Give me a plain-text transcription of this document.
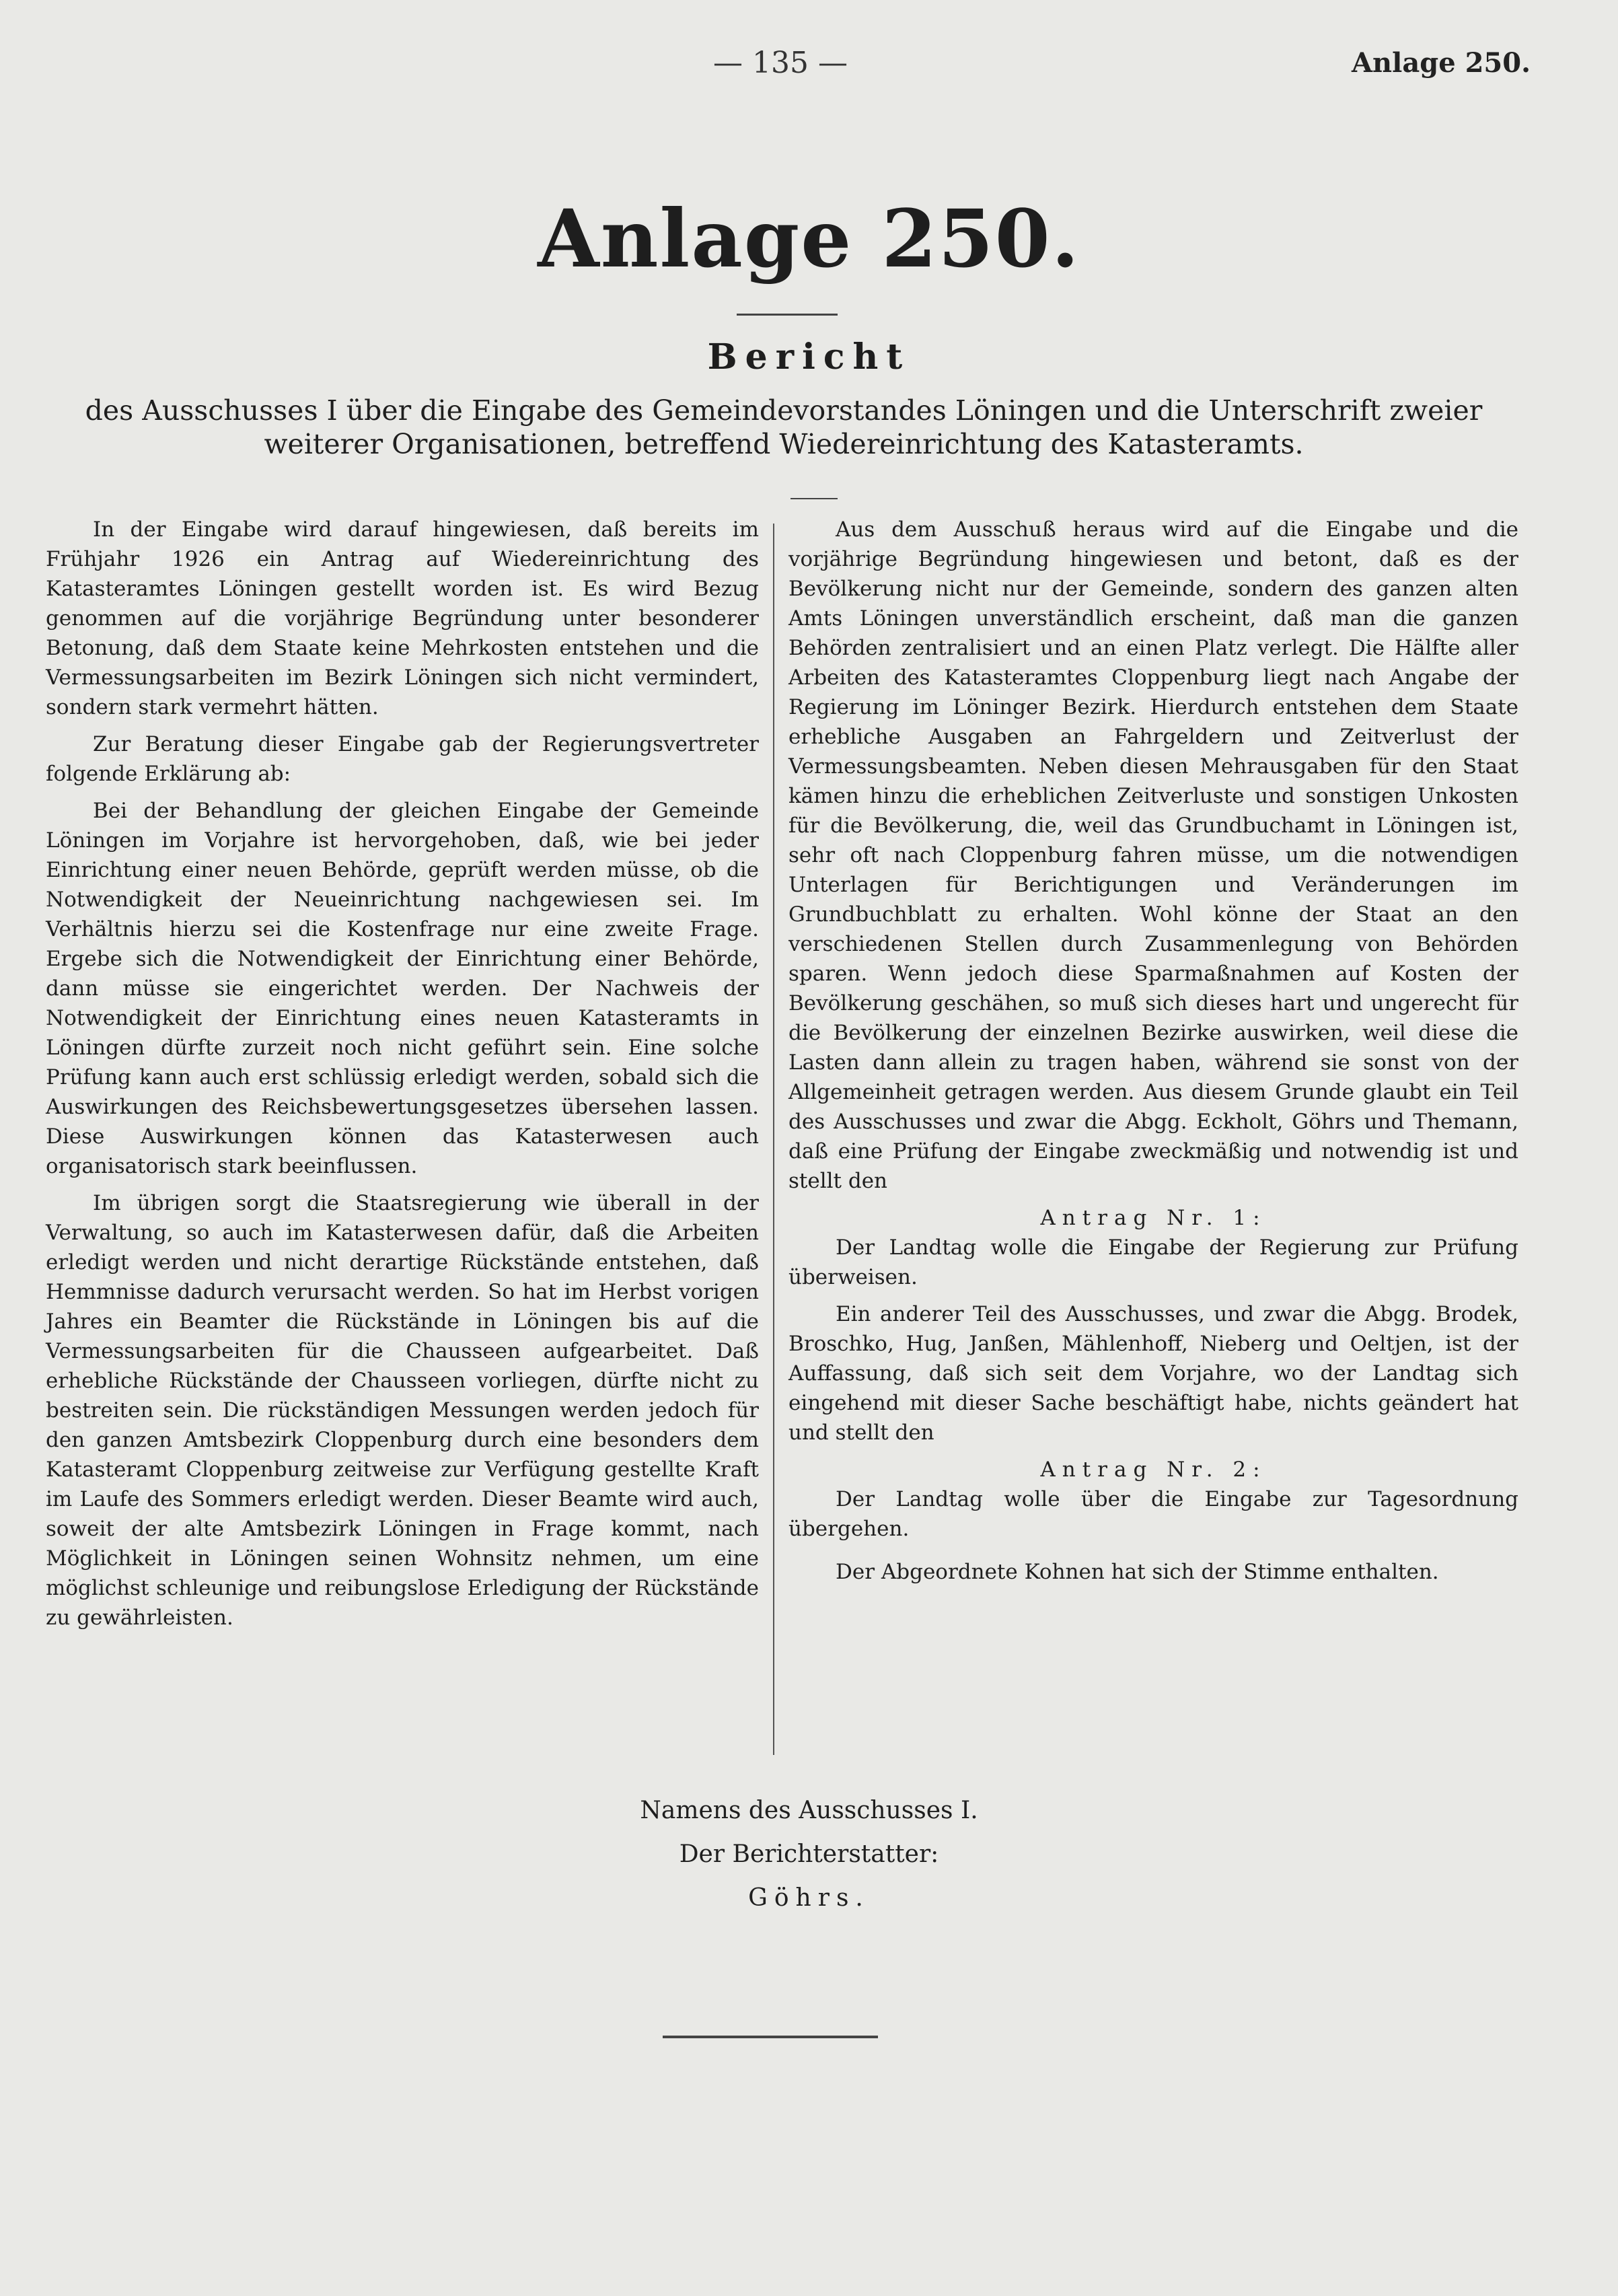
— 135 —	Anlage 250.
Anlage 250.
Bericht
des Ausschusses I über die Eingabe des Gemeindevorstandes Löningen und die Unterschrift zweier weiterer Organisationen, betreffend Wiedereinrichtung des Katasteramts.

In der Eingabe wird darauf hingewiesen, daß bereits im Frühjahr 1926 ein Antrag auf Wiedereinrichtung des Katasteramtes Löningen gestellt worden ist. Es wird Bezug genommen auf die vorjährige Begründung unter besonderer Betonung, daß dem Staate keine Mehrkosten entstehen und die Vermessungsarbeiten im Bezirk Löningen sich nicht vermindert, sondern stark vermehrt hätten.

Zur Beratung dieser Eingabe gab der Regierungsvertreter folgende Erklärung ab:

Bei der Behandlung der gleichen Eingabe der Gemeinde Löningen im Vorjahre ist hervorgehoben, daß, wie bei jeder Einrichtung einer neuen Behörde, geprüft werden müsse, ob die Notwendigkeit der Neueinrichtung nachgewiesen sei. Im Verhältnis hierzu sei die Kostenfrage nur eine zweite Frage. Ergebe sich die Notwendigkeit der Einrichtung einer Behörde, dann müsse sie eingerichtet werden. Der Nachweis der Notwendigkeit der Einrichtung eines neuen Katasteramts in Löningen dürfte zurzeit noch nicht geführt sein. Eine solche Prüfung kann auch erst schlüssig erledigt werden, sobald sich die Auswirkungen des Reichsbewertungsgesetzes übersehen lassen. Diese Auswirkungen können das Katasterwesen auch organisatorisch stark beeinflussen.

Im übrigen sorgt die Staatsregierung wie überall in der Verwaltung, so auch im Katasterwesen dafür, daß die Arbeiten erledigt werden und nicht derartige Rückstände entstehen, daß Hemmnisse dadurch verursacht werden. So hat im Herbst vorigen Jahres ein Beamter die Rückstände in Löningen bis auf die Vermessungsarbeiten für die Chausseen aufgearbeitet. Daß erhebliche Rückstände der Chausseen vorliegen, dürfte nicht zu bestreiten sein. Die rückständigen Messungen werden jedoch für den ganzen Amtsbezirk Cloppenburg durch eine besonders dem Katasteramt Cloppenburg zeitweise zur Verfügung gestellte Kraft im Laufe des Sommers erledigt werden. Dieser Beamte wird auch, soweit der alte Amtsbezirk Löningen in Frage kommt, nach Möglichkeit in Löningen seinen Wohnsitz nehmen, um eine möglichst schleunige und reibungslose Erledigung der Rückstände zu gewährleisten.

Aus dem Ausschuß heraus wird auf die Eingabe und die vorjährige Begründung hingewiesen und betont, daß es der Bevölkerung nicht nur der Gemeinde, sondern des ganzen alten Amts Löningen unverständlich erscheint, daß man die ganzen Behörden zentralisiert und an einen Platz verlegt. Die Hälfte aller Arbeiten des Katasteramtes Cloppenburg liegt nach Angabe der Regierung im Löninger Bezirk. Hierdurch entstehen dem Staate erhebliche Ausgaben an Fahrgeldern und Zeitverlust der Vermessungsbeamten. Neben diesen Mehrausgaben für den Staat kämen hinzu die erheblichen Zeitverluste und sonstigen Unkosten für die Bevölkerung, die, weil das Grundbuchamt in Löningen ist, sehr oft nach Cloppenburg fahren müsse, um die notwendigen Unterlagen für Berichtigungen und Veränderungen im Grundbuchblatt zu erhalten. Wohl könne der Staat an den verschiedenen Stellen durch Zusammenlegung von Behörden sparen. Wenn jedoch diese Sparmaßnahmen auf Kosten der Bevölkerung geschähen, so muß sich dieses hart und ungerecht für die Bevölkerung der einzelnen Bezirke auswirken, weil diese die Lasten dann allein zu tragen haben, während sie sonst von der Allgemeinheit getragen werden. Aus diesem Grunde glaubt ein Teil des Ausschusses und zwar die Abgg. Eckholt, Göhrs und Themann, daß eine Prüfung der Eingabe zweckmäßig und notwendig ist und stellt den

Antrag Nr. 1:

Der Landtag wolle die Eingabe der Regierung zur Prüfung überweisen.

Ein anderer Teil des Ausschusses, und zwar die Abgg. Brodek, Broschko, Hug, Janßen, Mählenhoff, Nieberg und Oeltjen, ist der Auffassung, daß sich seit dem Vorjahre, wo der Landtag sich eingehend mit dieser Sache beschäftigt habe, nichts geändert hat und stellt den

Antrag Nr. 2:

Der Landtag wolle über die Eingabe zur Tagesordnung übergehen.

Der Abgeordnete Kohnen hat sich der Stimme enthalten.

Namens des Ausschusses I.
Der Berichterstatter:
Göhrs.
